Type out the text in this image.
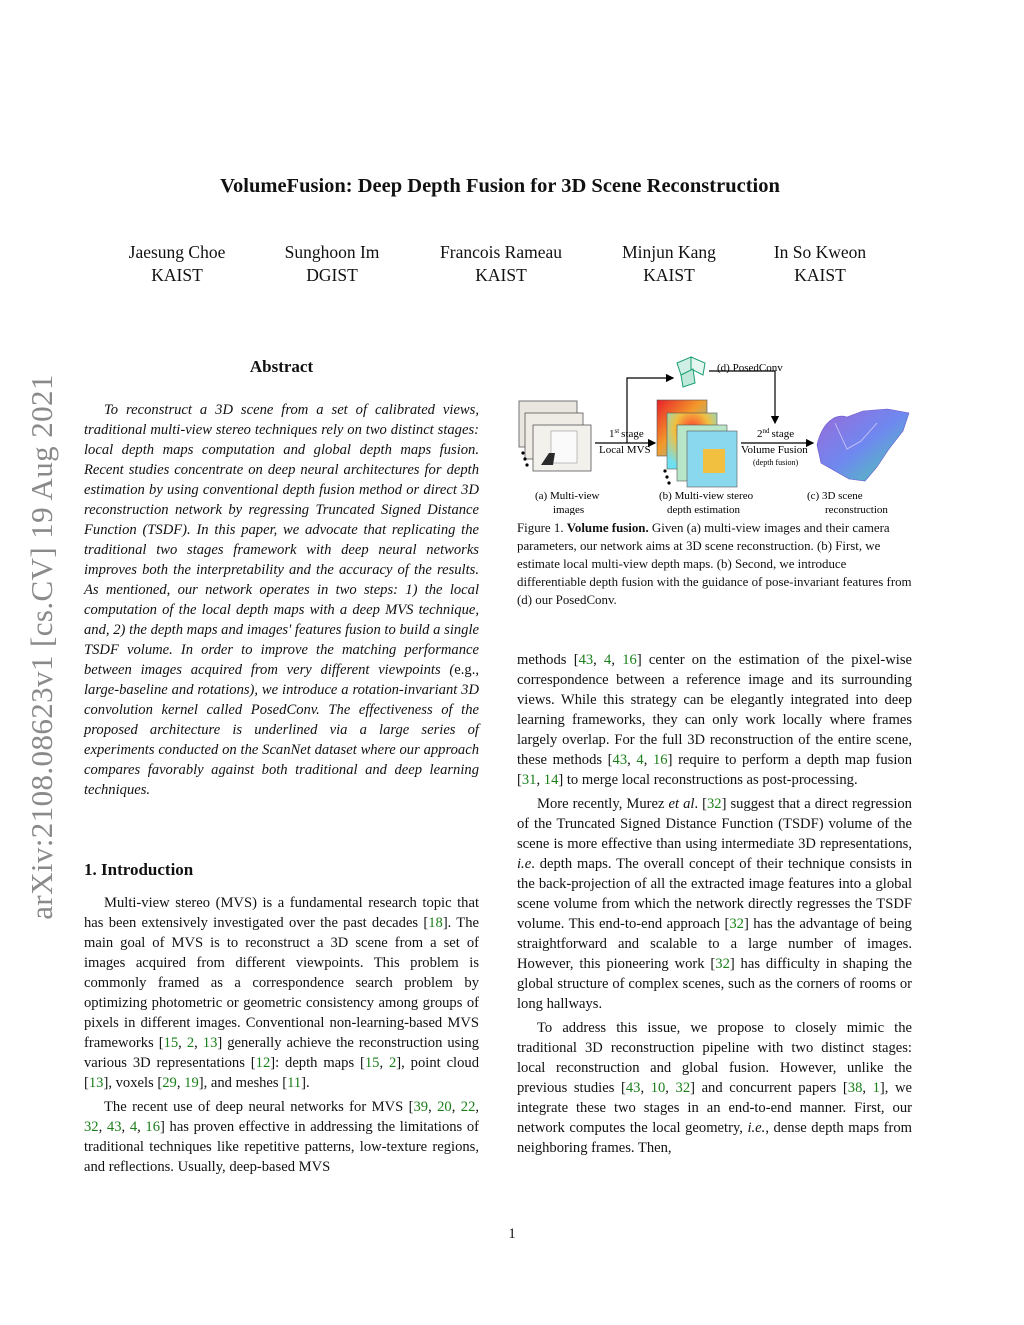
arXiv:2108.08623v1 [cs.CV] 19 Aug 2021
VolumeFusion: Deep Depth Fusion for 3D Scene Reconstruction
Jaesung Choe
KAIST
Sunghoon Im
DGIST
Francois Rameau
KAIST
Minjun Kang
KAIST
In So Kweon
KAIST
Abstract

To reconstruct a 3D scene from a set of calibrated views, traditional multi-view stereo techniques rely on two distinct stages: local depth maps computation and global depth maps fusion. Recent studies concentrate on deep neural architectures for depth estimation by using conventional depth fusion method or direct 3D reconstruction network by regressing Truncated Signed Distance Function (TSDF). In this paper, we advocate that replicating the traditional two stages framework with deep neural networks improves both the interpretability and the accuracy of the results. As mentioned, our network operates in two steps: 1) the local computation of the local depth maps with a deep MVS technique, and, 2) the depth maps and images' features fusion to build a single TSDF volume. In order to improve the matching performance between images acquired from very different viewpoints (e.g., large-baseline and rotations), we introduce a rotation-invariant 3D convolution kernel called PosedConv. The effectiveness of the proposed architecture is underlined via a large series of experiments conducted on the ScanNet dataset where our approach compares favorably against both traditional and deep learning techniques.

1. Introduction

Multi-view stereo (MVS) is a fundamental research topic that has been extensively investigated over the past decades [18]. The main goal of MVS is to reconstruct a 3D scene from a set of images acquired from different viewpoints. This problem is commonly framed as a correspondence search problem by optimizing photometric or geometric consistency among groups of pixels in different images. Conventional non-learning-based MVS frameworks [15, 2, 13] generally achieve the reconstruction using various 3D representations [12]: depth maps [15, 2], point cloud [13], voxels [29, 19], and meshes [11].

The recent use of deep neural networks for MVS [39, 20, 22, 32, 43, 4, 16] has proven effective in addressing the limitations of traditional techniques like repetitive patterns, low-texture regions, and reflections. Usually, deep-based MVS

1st stage
Local MVS
(d) PosedConv
2nd stage
Volume Fusion
(depth fusion)
(a) Multi-view
images
(b) Multi-view stereo
depth estimation
(c) 3D scene
reconstruction
Figure 1. Volume fusion. Given (a) multi-view images and their camera parameters, our network aims at 3D scene reconstruction. (b) First, we estimate local multi-view depth maps. (b) Second, we introduce differentiable depth fusion with the guidance of pose-invariant features from (d) our PosedConv.

methods [43, 4, 16] center on the estimation of the pixel-wise correspondence between a reference image and its surrounding views. While this strategy can be elegantly integrated into deep learning frameworks, they can only work locally where frames largely overlap. For the full 3D reconstruction of the entire scene, these methods [43, 4, 16] require to perform a depth map fusion [31, 14] to merge local reconstructions as post-processing.

More recently, Murez et al. [32] suggest that a direct regression of the Truncated Signed Distance Function (TSDF) volume of the scene is more effective than using intermediate 3D representations, i.e. depth maps. The overall concept of their technique consists in the back-projection of all the extracted image features into a global scene volume from which the network directly regresses the TSDF volume. This end-to-end approach [32] has the advantage of being straightforward and scalable to a large number of images. However, this pioneering work [32] has difficulty in shaping the global structure of complex scenes, such as the corners of rooms or long hallways.

To address this issue, we propose to closely mimic the traditional 3D reconstruction pipeline with two distinct stages: local reconstruction and global fusion. However, unlike the previous studies [43, 10, 32] and concurrent papers [38, 1], we integrate these two stages in an end-to-end manner. First, our network computes the local geometry, i.e., dense depth maps from neighboring frames. Then,

1
